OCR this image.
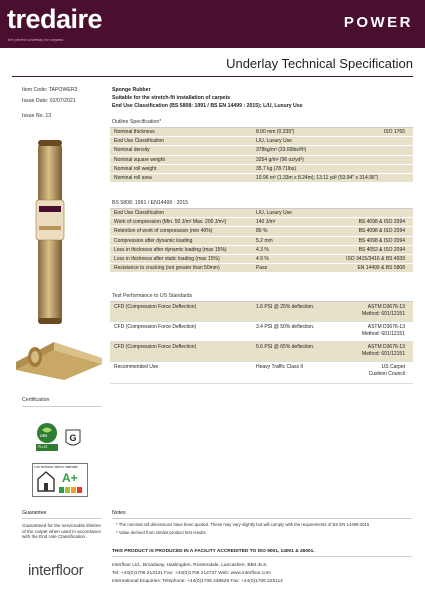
tredaire
the perfect underlay for carpets
POWER
Underlay Technical Specification
Item Code: TAPOWER3
Issue Date: 02/07/2021
Issue No. 13
Sponge Rubber
Suitable for the stretch-fit installation of carpets
End Use Classification (BS 5808: 1991 / BS EN 14499 : 2015): L/U, Luxury Use
Outline Specification*
Nominal thickness	8.00 mm (0.339")	ISO 1765
End Use Classification	L/U, Luxury Use
Nominal density	378kg/m³ (23.60lbs/ft³)
Nominal square weight	3254 g/m² (96 oz/yd²)
Nominal roll weight	35.7 kg (78.71lbs)
Nominal roll area	10.96 m² (1.33m x 8.24m); 13.11 yd² (53.94" x 314.96")
BS 5808: 1991 / EN14499 : 2015
End Use Classification	L/U, Luxury Use
Work of compression (Min. 50 J/m² Max. 200 J/m²)	140 J/m²	BS 4098 & ISO 2094
Retention of work of compression (min 40%)	80 %	BS 4098 & ISO 2094
Compression after dynamic loading	5.2 mm	BS 4098 & ISO 2094
Loss in thickness after dynamic loading (max 15%)	4.3 %	BS 4052 & ISO 2094
Loss in thickness after static loading (max 15%)	4.9 %	ISO 3415/3416 & BS 4939
Resistance to cracking (not greater than 50mm)	Pass	EN 14499 & BS 5808
Test Performance to US Standards
CFD (Compression Force Deflection)	1.6 PSI @ 25% deflection.	ASTM D3676-13
Method: 601/12151
CFD (Compression Force Deflection)	3.4 PSI @ 50% deflection.	ASTM D3676-13
Method: 601/12151
CFD (Compression Force Deflection)	5.6 PSI @ 65% deflection.	ASTM D3676-13
Method: 601/12151
Recommended Use	Heavy Traffic Class II	US Carpet
Cushion Council
Certification
CRI
PLUS
G
Low emission interior materials
A+
Guarantee
Guaranteed for the serviceable lifetime of the carpet when used in accordance with the End Use Classification.
Notes
* The nominal roll dimensions have been quoted. These may vary slightly but will comply with the requirements of BS EN 14499:2015
* Value derived from similar product test results
THIS PRODUCT IS PRODUCED IN A FACILITY ACCREDITED TO ISO 9001, 14001 & 45001.
interfloor	Interfloor Ltd., Broadway, Haslingden, Rossendale, Lancashire, BB4 4LS.
Tel: +44(0)1706 213131 Fax: +44(0)1706 214737 Web: www.interfloor.com
International Enquiries: Telephone: +44(0)1706 238625 Fax: +44(0)1706 225114
